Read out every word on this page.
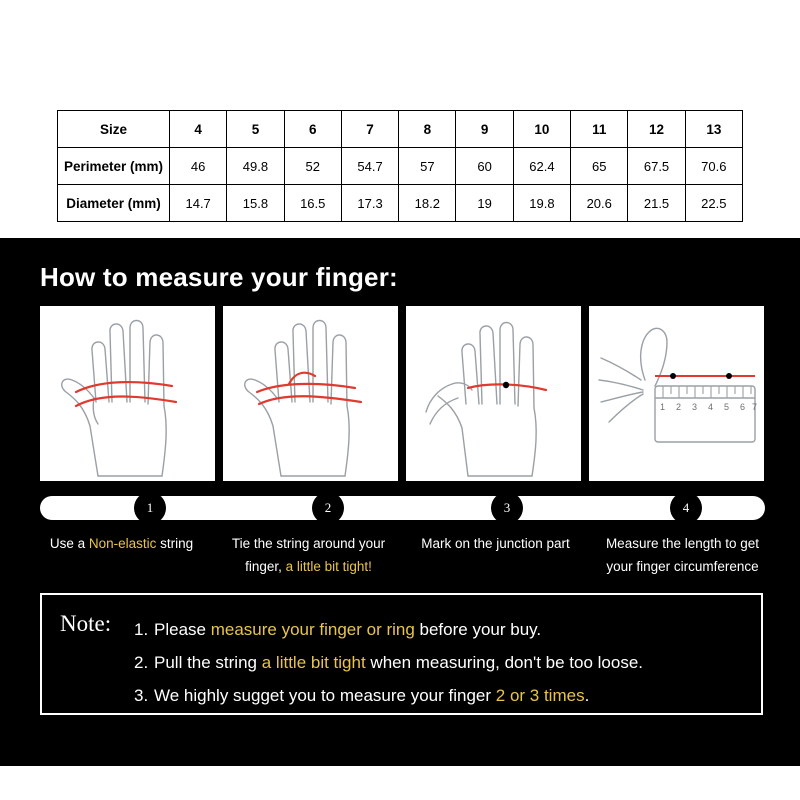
Size	4	5	6	7	8	9	10	11	12	13
Perimeter (mm)	46	49.8	52	54.7	57	60	62.4	65	67.5	70.6
Diameter (mm)	14.7	15.8	16.5	17.3	18.2	19	19.8	20.6	21.5	22.5
How to measure your finger:
1 2 3 4 5 6 7
1	2	3	4
Use a Non-elastic string	Tie the string around your finger, a little bit tight!
Mark on the junction part	Measure the length to get your finger circumference
Note: 1. Please measure your finger or ring before your buy.
2. Pull the string a little bit tight when measuring, don't be too loose.
3. We highly sugget you to measure your finger 2 or 3 times.
